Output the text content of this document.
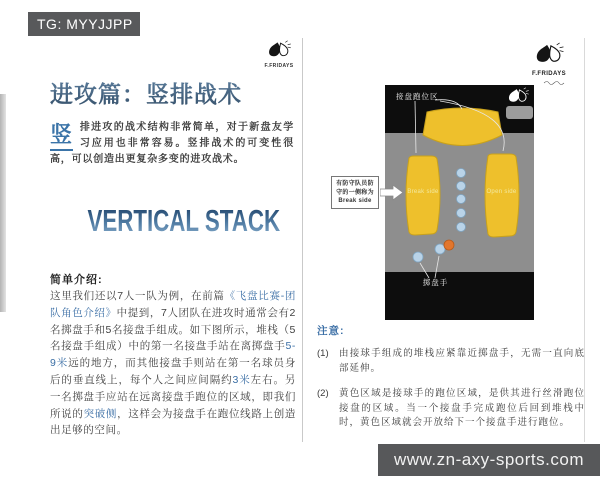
TG: MYYJJPP
F.FRIDAYS
进攻篇：竖排战术
竖 排进攻的战术结构非常简单，对于新盘友学习应用也非常容易。竖排战术的可变性很高，可以创造出更复杂多变的进攻战术。
VERTICAL STACK
简单介绍:

这里我们还以7人一队为例，在前篇《飞盘比赛-团队角色介绍》中提到，7人团队在进攻时通常会有2名掷盘手和5名接盘手组成。如下图所示，堆栈（5名接盘手组成）中的第一名接盘手站在离掷盘手5-9米远的地方，而其他接盘手则站在第一名球员身后的垂直线上，每个人之间应间隔约3米左右。另一名掷盘手应站在远离接盘手跑位的区域，即我们所说的突破侧，这样会为接盘手在跑位线路上创造出足够的空间。

F.FRIDAYS
接盘跑位区
Break side	Open side
掷盘手
有防守队员防
守的一侧称为
Break side
注意:
(1)	由接球手组成的堆栈应紧靠近掷盘手，无需一直向底部延伸。
(2)	黄色区域是接球手的跑位区域，是供其进行丝滑跑位接盘的区域。当一个接盘手完成跑位后回到堆栈中时，黄色区域就会开放给下一个接盘手进行跑位。
www.zn-axy-sports.com
